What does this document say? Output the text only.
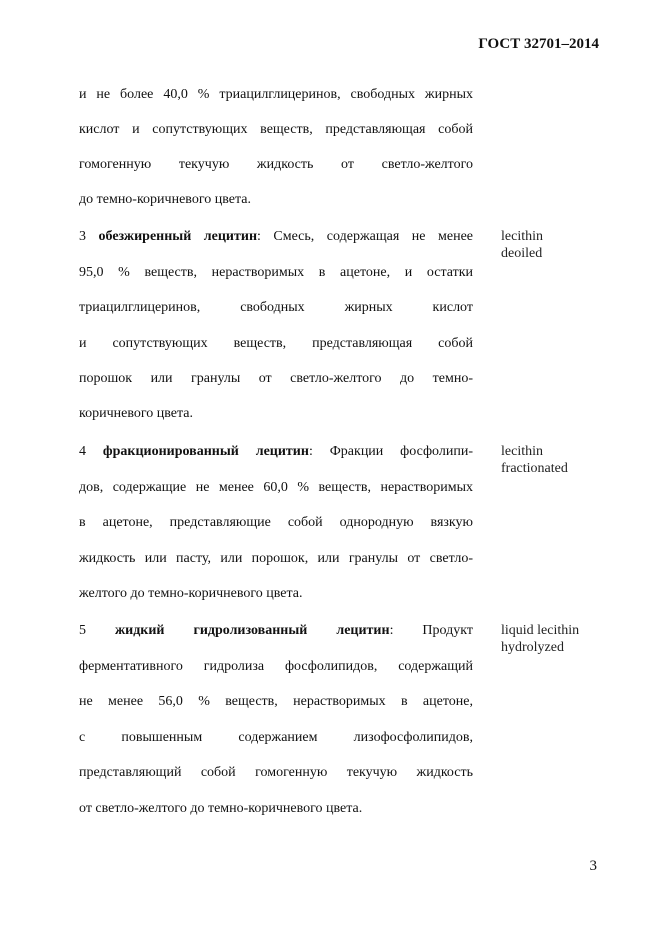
ГОСТ 32701–2014
и не более 40,0 % триацилглицеринов, свободных жирных
кислот и сопутствующих веществ, представляющая собой
гомогенную текучую жидкость от светло-желтого
до темно-коричневого цвета.
3 обезжиренный лецитин: Смесь, содержащая не менее
95,0 % веществ, нерастворимых в ацетоне, и остатки
триацилглицеринов, свободных жирных кислот
и сопутствующих веществ, представляющая собой
порошок или гранулы от светло-желтого до темно-
коричневого цвета.
lecithin
deoiled
4 фракционированный лецитин: Фракции фосфолипи-
дов, содержащие не менее 60,0 % веществ, нерастворимых
в ацетоне, представляющие собой однородную вязкую
жидкость или пасту, или порошок, или гранулы от светло-
желтого до темно-коричневого цвета.
lecithin
fractionated
5 жидкий гидролизованный лецитин: Продукт
ферментативного гидролиза фосфолипидов, содержащий
не менее 56,0 % веществ, нерастворимых в ацетоне,
с повышенным содержанием лизофосфолипидов,
представляющий собой гомогенную текучую жидкость
от светло-желтого до темно-коричневого цвета.
liquid lecithin
hydrolyzed
3
